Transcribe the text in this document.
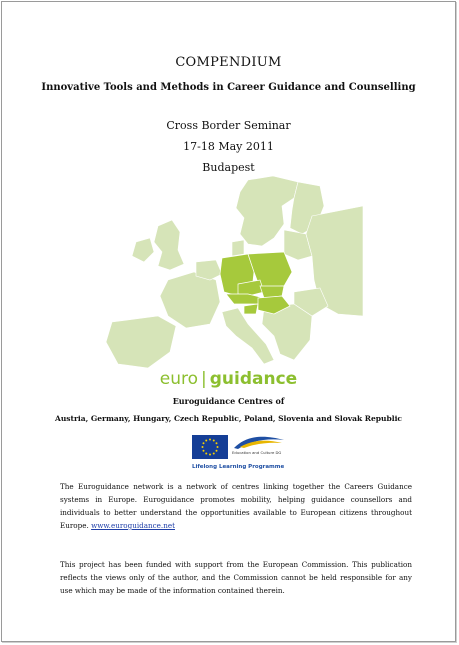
COMPENDIUM
Innovative Tools and Methods in Career Guidance and Counselling
Cross Border Seminar
17-18 May 2011
Budapest
euro | guidance
Euroguidance Centres of
Austria, Germany, Hungary, Czech Republic, Poland, Slovenia and Slovak Republic
Education and Culture DG
Lifelong Learning Programme
The Euroguidance network is a network of centres linking together the Careers Guidance systems in Europe. Euroguidance promotes mobility, helping guidance counsellors and individuals to better understand the opportunities available to European citizens throughout Europe. www.euroguidance.net
This project has been funded with support from the European Commission. This publication reflects the views only of the author, and the Commission cannot be held responsible for any use which may be made of the information contained therein.
